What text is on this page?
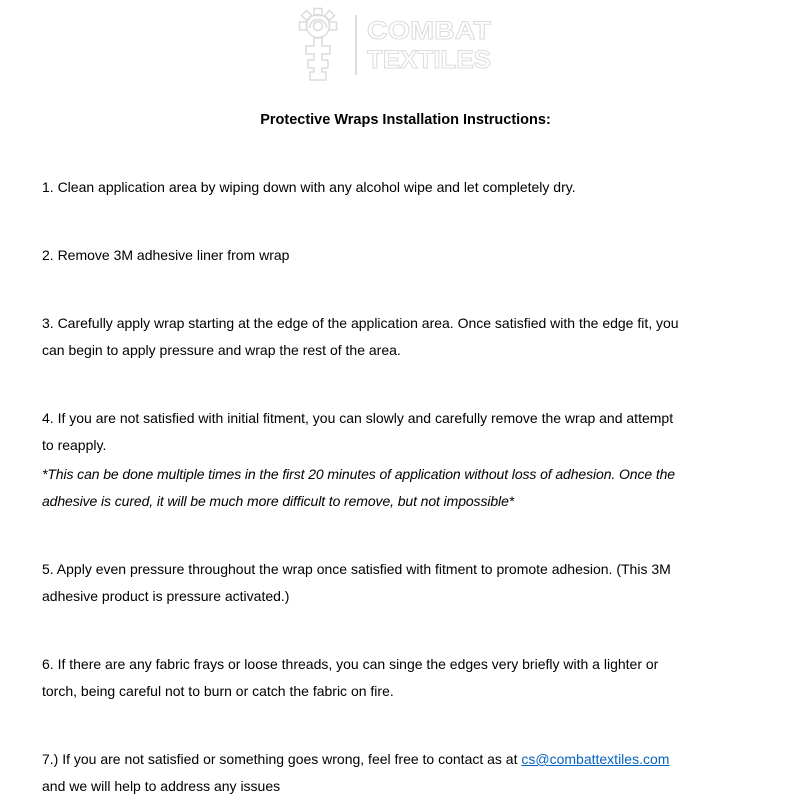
COMBAT
TEXTILES
Protective Wraps Installation Instructions:

1. Clean application area by wiping down with any alcohol wipe and let completely dry.

2. Remove 3M adhesive liner from wrap

3. Carefully apply wrap starting at the edge of the application area. Once satisfied with the edge fit, you
can begin to apply pressure and wrap the rest of the area.

4. If you are not satisfied with initial fitment, you can slowly and carefully remove the wrap and attempt
to reapply.

*This can be done multiple times in the first 20 minutes of application without loss of adhesion. Once the
adhesive is cured, it will be much more difficult to remove, but not impossible*

5. Apply even pressure throughout the wrap once satisfied with fitment to promote adhesion. (This 3M
adhesive product is pressure activated.)

6. If there are any fabric frays or loose threads, you can singe the edges very briefly with a lighter or
torch, being careful not to burn or catch the fabric on fire.

7.) If you are not satisfied or something goes wrong, feel free to contact as at cs@combattextiles.com
and we will help to address any issues
